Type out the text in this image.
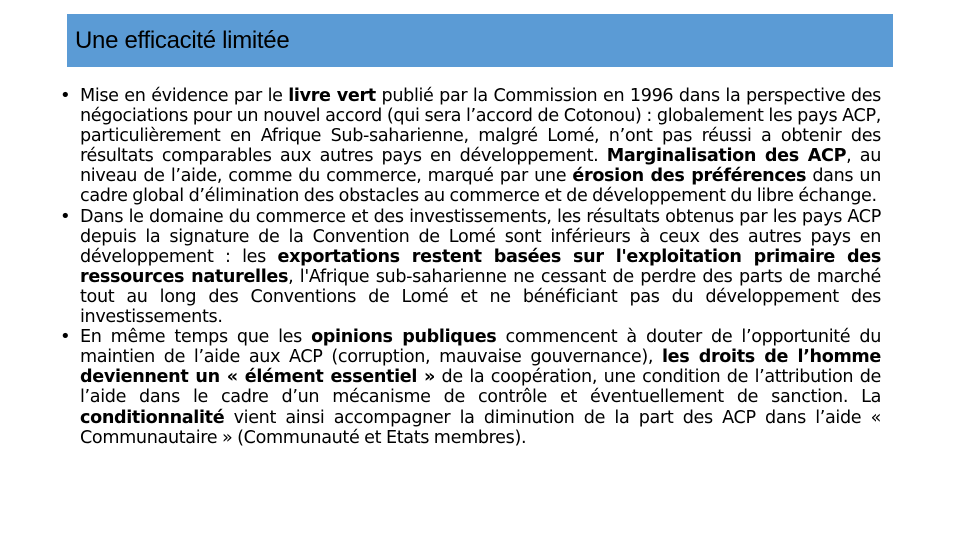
Une efficacité limitée
• Mise en évidence par le livre vert publié par la Commission en 1996 dans la perspective des négociations pour un nouvel accord (qui sera l’accord de Cotonou) : globalement les pays ACP, particulièrement en Afrique Sub-saharienne, malgré Lomé, n’ont pas réussi a obtenir des résultats comparables aux autres pays en développement. Marginalisation des ACP, au niveau de l’aide, comme du commerce, marqué par une érosion des préférences dans un cadre global d’élimination des obstacles au commerce et de développement du libre échange.
• Dans le domaine du commerce et des investissements, les résultats obtenus par les pays ACP depuis la signature de la Convention de Lomé sont inférieurs à ceux des autres pays en développement : les exportations restent basées sur l'exploitation primaire des ressources naturelles, l'Afrique sub-saharienne ne cessant de perdre des parts de marché tout au long des Conventions de Lomé et ne bénéficiant pas du développement des investissements.
• En même temps que les opinions publiques commencent à douter de l’opportunité du maintien de l’aide aux ACP (corruption, mauvaise gouvernance), les droits de l’homme deviennent un « élément essentiel » de la coopération, une condition de l’attribution de l’aide dans le cadre d’un mécanisme de contrôle et éventuellement de sanction. La conditionnalité vient ainsi accompagner la diminution de la part des ACP dans l’aide « Communautaire » (Communauté et Etats membres).
